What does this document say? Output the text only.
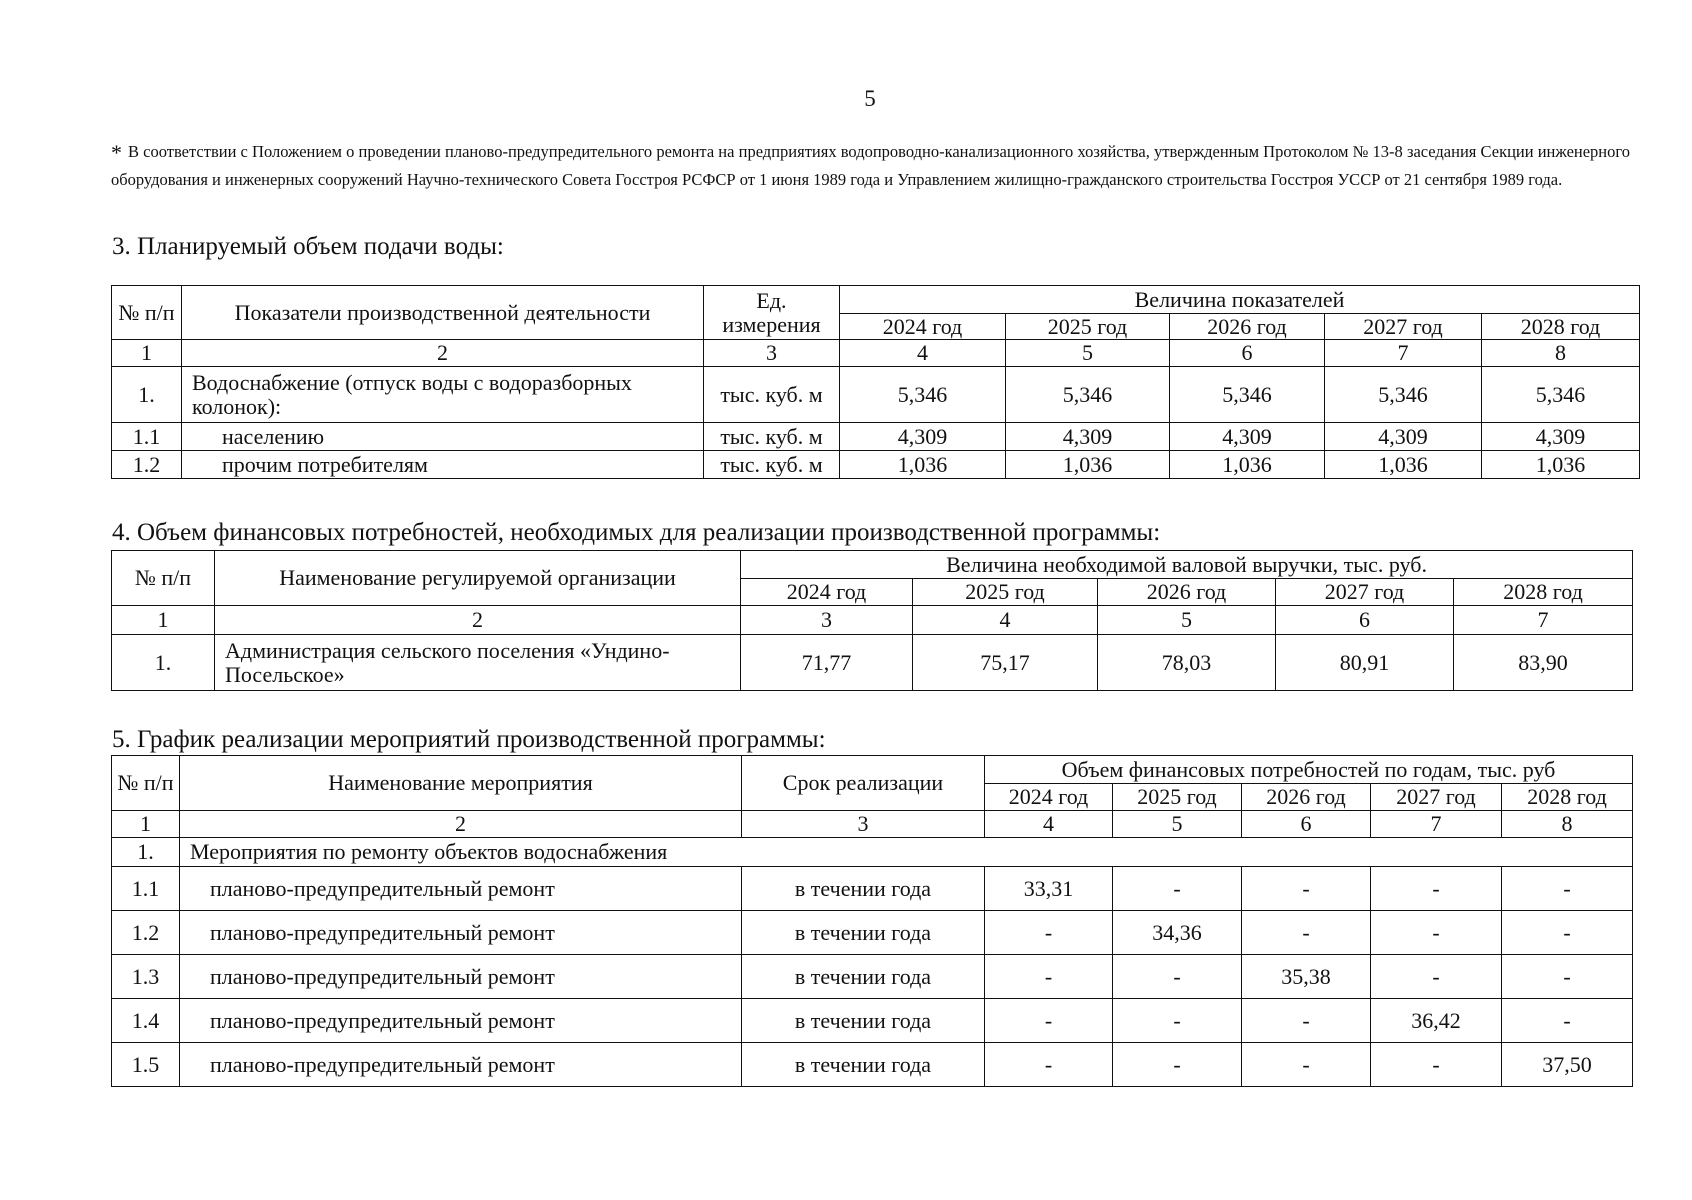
5
* В соответствии с Положением о проведении планово-предупредительного ремонта на предприятиях водопроводно-канализационного хозяйства, утвержденным Протоколом № 13-8 заседания Секции инженерного оборудования и инженерных сооружений Научно-технического Совета Госстроя РСФСР от 1 июня 1989 года и Управлением жилищно-гражданского строительства Госстроя УССР от 21 сентября 1989 года.
3. Планируемый объем подачи воды:
№ п/п	Показатели производственной деятельности	Ед. измерения	Величина показателей				
			2024 год	2025 год	2026 год	2027 год	2028 год
1	2	3	4	5	6	7	8
1.	Водоснабжение (отпуск воды с водоразборных колонок):	тыс. куб. м	5,346	5,346	5,346	5,346	5,346
1.1	населению	тыс. куб. м	4,309	4,309	4,309	4,309	4,309
1.2	прочим потребителям	тыс. куб. м	1,036	1,036	1,036	1,036	1,036
4. Объем финансовых потребностей, необходимых для реализации производственной программы:
№ п/п	Наименование регулируемой организации	Величина необходимой валовой выручки, тыс. руб.				
		2024 год	2025 год	2026 год	2027 год	2028 год
1	2	3	4	5	6	7
1.	Администрация сельского поселения «Ундино-Посельское»	71,77	75,17	78,03	80,91	83,90
5. График реализации мероприятий производственной программы:
№ п/п	Наименование мероприятия	Срок реализации	Объем финансовых потребностей по годам, тыс. руб				
			2024 год	2025 год	2026 год	2027 год	2028 год
1	2	3	4	5	6	7	8
1.	Мероприятия по ремонту объектов водоснабжения						
1.1	планово-предупредительный ремонт	в течении года	33,31	-	-	-	-
1.2	планово-предупредительный ремонт	в течении года	-	34,36	-	-	-
1.3	планово-предупредительный ремонт	в течении года	-	-	35,38	-	-
1.4	планово-предупредительный ремонт	в течении года	-	-	-	36,42	-
1.5	планово-предупредительный ремонт	в течении года	-	-	-	-	37,50
